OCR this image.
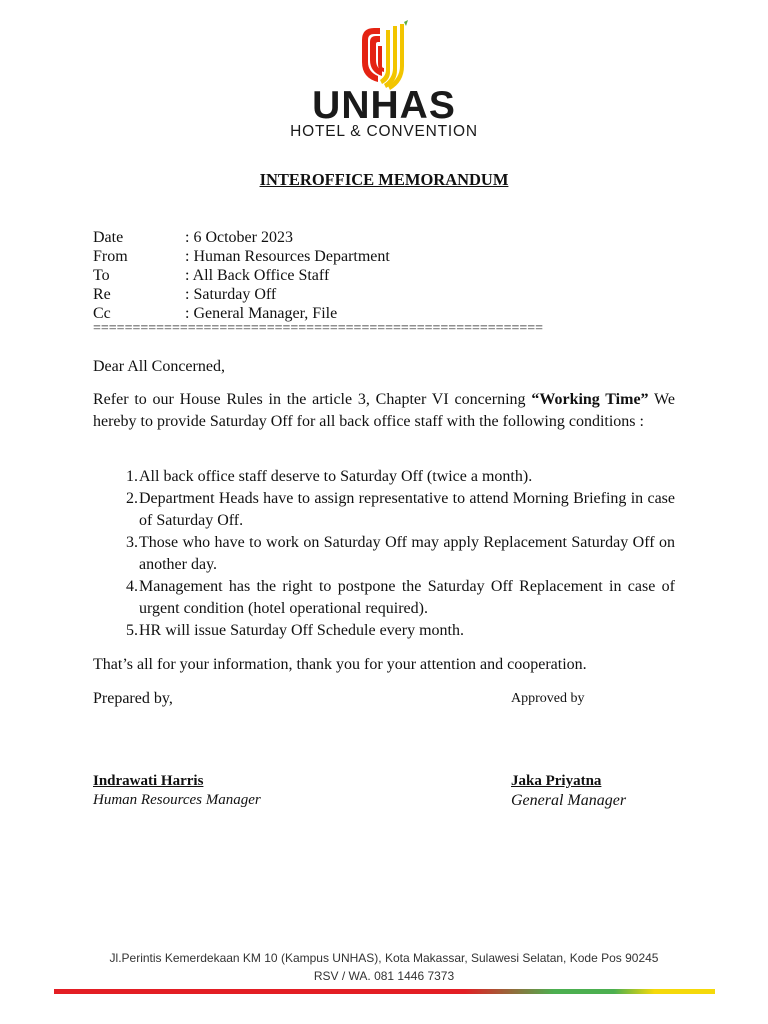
UNHAS
HOTEL & CONVENTION
INTEROFFICE MEMORANDUM
Date	: 6 October 2023
From	: Human Resources Department
To	: All Back Office Staff
Re	: Saturday Off
Cc	: General Manager, File
=========================================================
Dear All Concerned,
Refer to our House Rules in the article 3, Chapter VI concerning “Working Time” We hereby to provide Saturday Off for all back office staff with the following conditions :
1. All back office staff deserve to Saturday Off (twice a month).
2. Department Heads have to assign representative to attend Morning Briefing in case of Saturday Off.
3. Those who have to work on Saturday Off may apply Replacement Saturday Off on another day.
4. Management has the right to postpone the Saturday Off Replacement in case of urgent condition (hotel operational required).
5. HR will issue Saturday Off Schedule every month.
That’s all for your information, thank you for your attention and cooperation.
Prepared by,	Approved by
Indrawati Harris
Human Resources Manager
Jaka Priyatna
General Manager
Jl.Perintis Kemerdekaan KM 10 (Kampus UNHAS), Kota Makassar, Sulawesi Selatan, Kode Pos 90245
RSV / WA. 081 1446 7373
